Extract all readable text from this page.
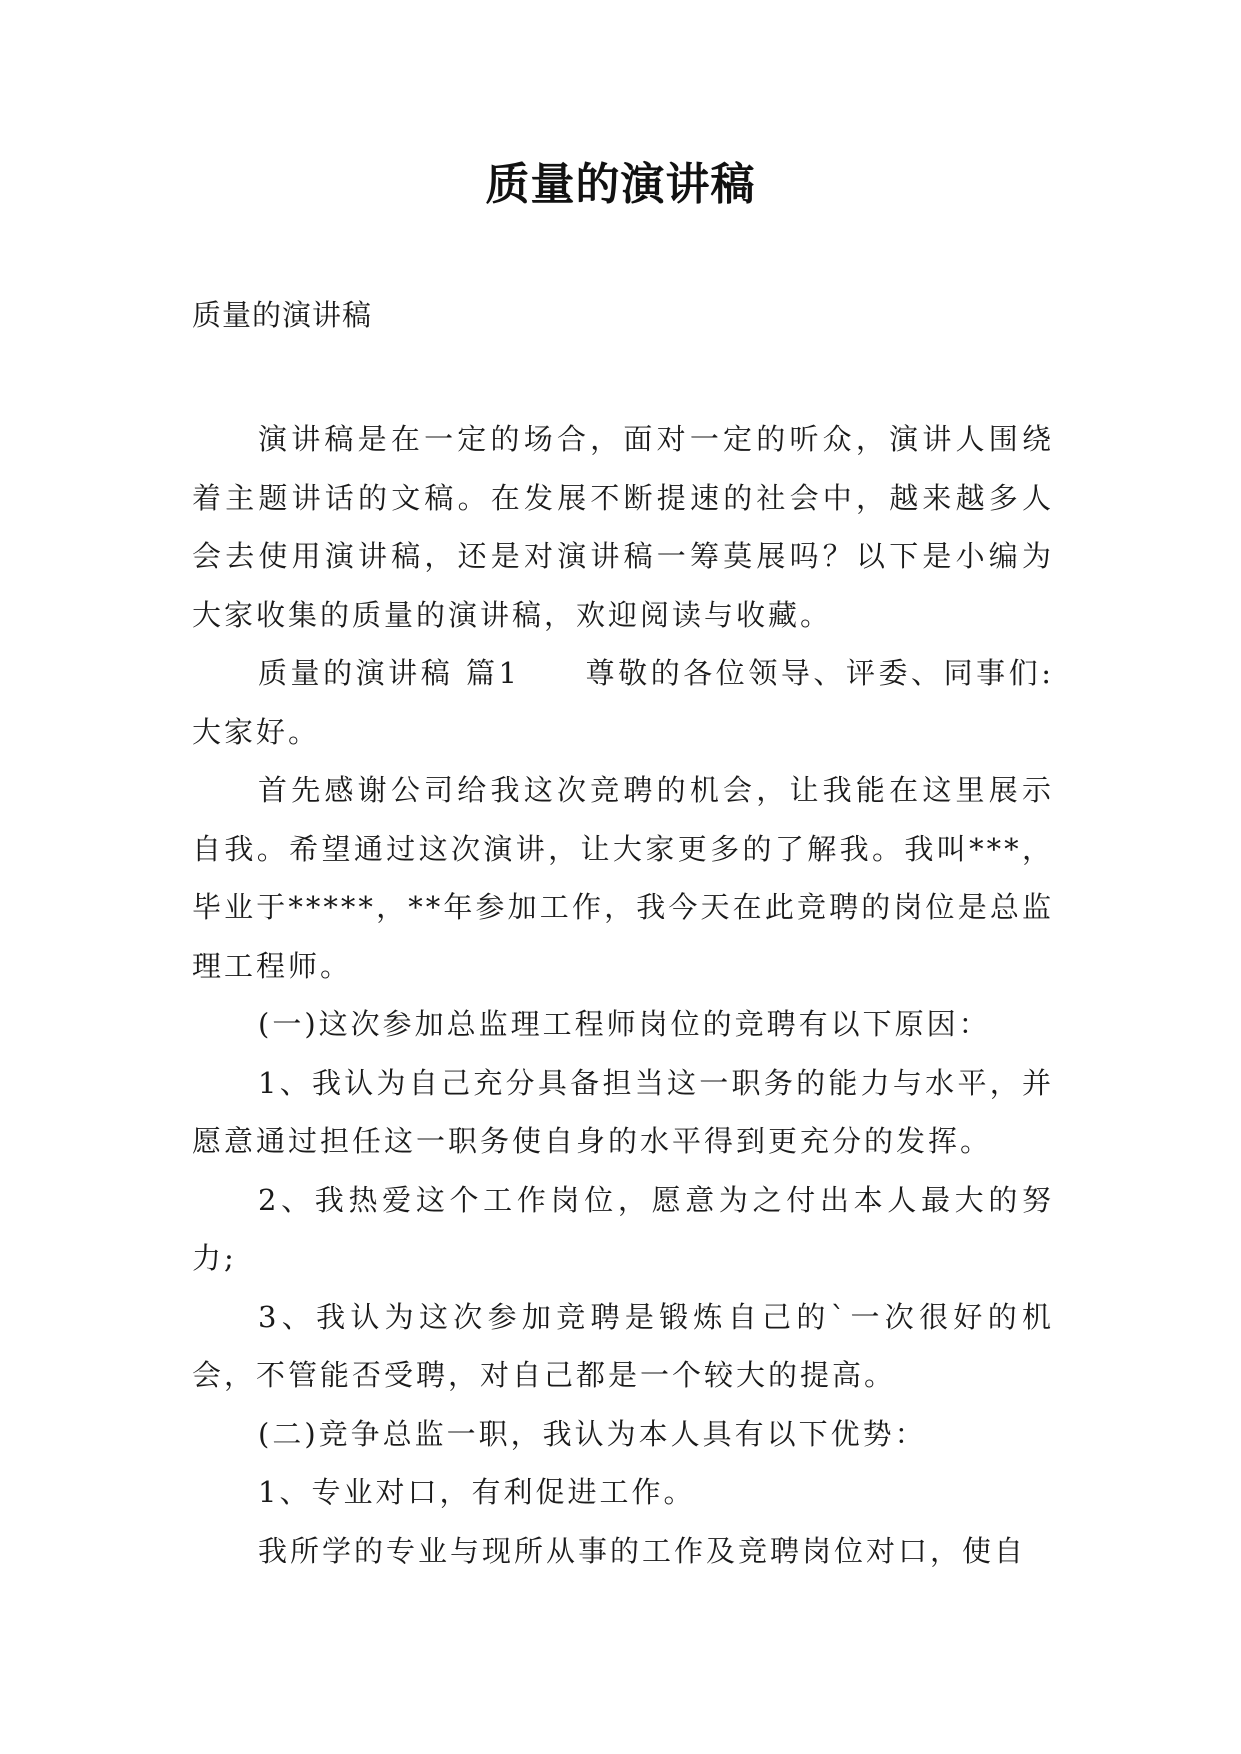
质量的演讲稿

质量的演讲稿

演讲稿是在一定的场合，面对一定的听众，演讲人围绕着主题讲话的文稿。在发展不断提速的社会中，越来越多人会去使用演讲稿，还是对演讲稿一筹莫展吗？以下是小编为大家收集的质量的演讲稿，欢迎阅读与收藏。

质量的演讲稿 篇1　　尊敬的各位领导、评委、同事们:大家好。

首先感谢公司给我这次竞聘的机会，让我能在这里展示自我。希望通过这次演讲，让大家更多的了解我。我叫***，毕业于*****，**年参加工作，我今天在此竞聘的岗位是总监理工程师。

(一)这次参加总监理工程师岗位的竞聘有以下原因：

1、我认为自己充分具备担当这一职务的能力与水平，并愿意通过担任这一职务使自身的水平得到更充分的发挥。

2、我热爱这个工作岗位，愿意为之付出本人最大的努力;

3、我认为这次参加竞聘是锻炼自己的`一次很好的机会，不管能否受聘，对自己都是一个较大的提高。

(二)竞争总监一职，我认为本人具有以下优势：

1、专业对口，有利促进工作。

我所学的专业与现所从事的工作及竞聘岗位对口，使自
